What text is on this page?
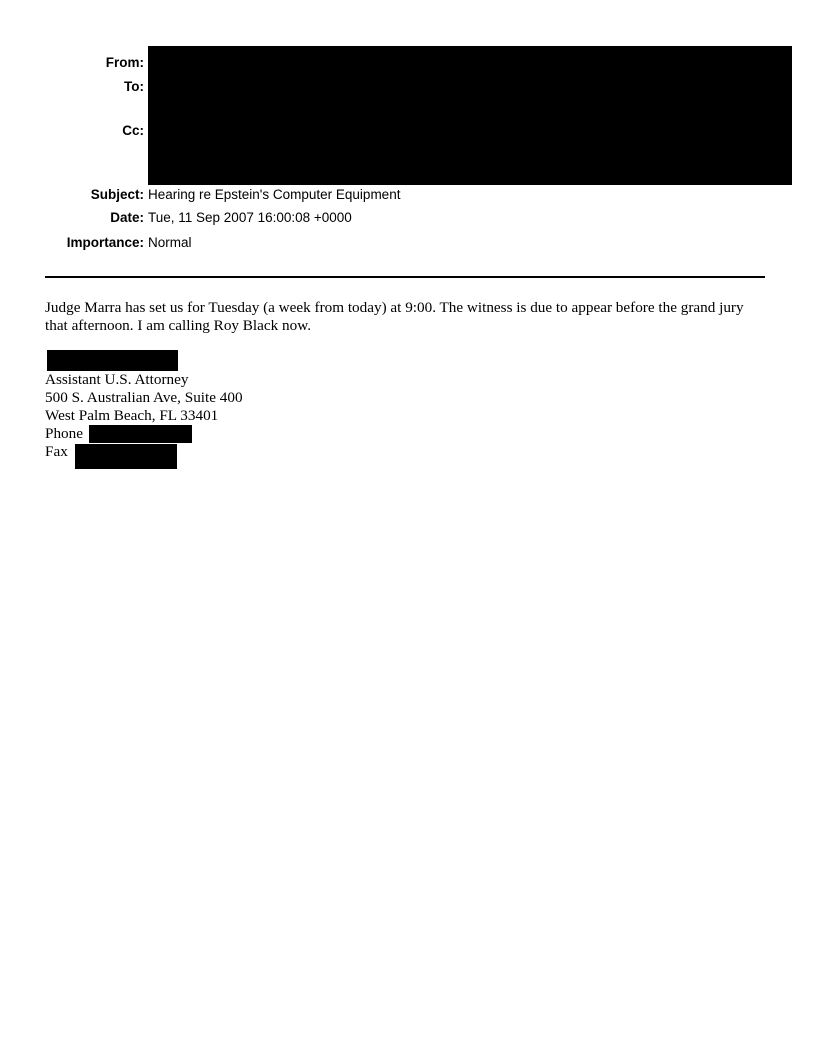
From:
To:
Cc:
Subject: Hearing re Epstein's Computer Equipment
Date: Tue, 11 Sep 2007 16:00:08 +0000
Importance: Normal

Judge Marra has set us for Tuesday (a week from today) at 9:00. The witness is due to appear before the grand jury that afternoon. I am calling Roy Black now.

Assistant U.S. Attorney
500 S. Australian Ave, Suite 400
West Palm Beach, FL 33401
Phone
Fax
